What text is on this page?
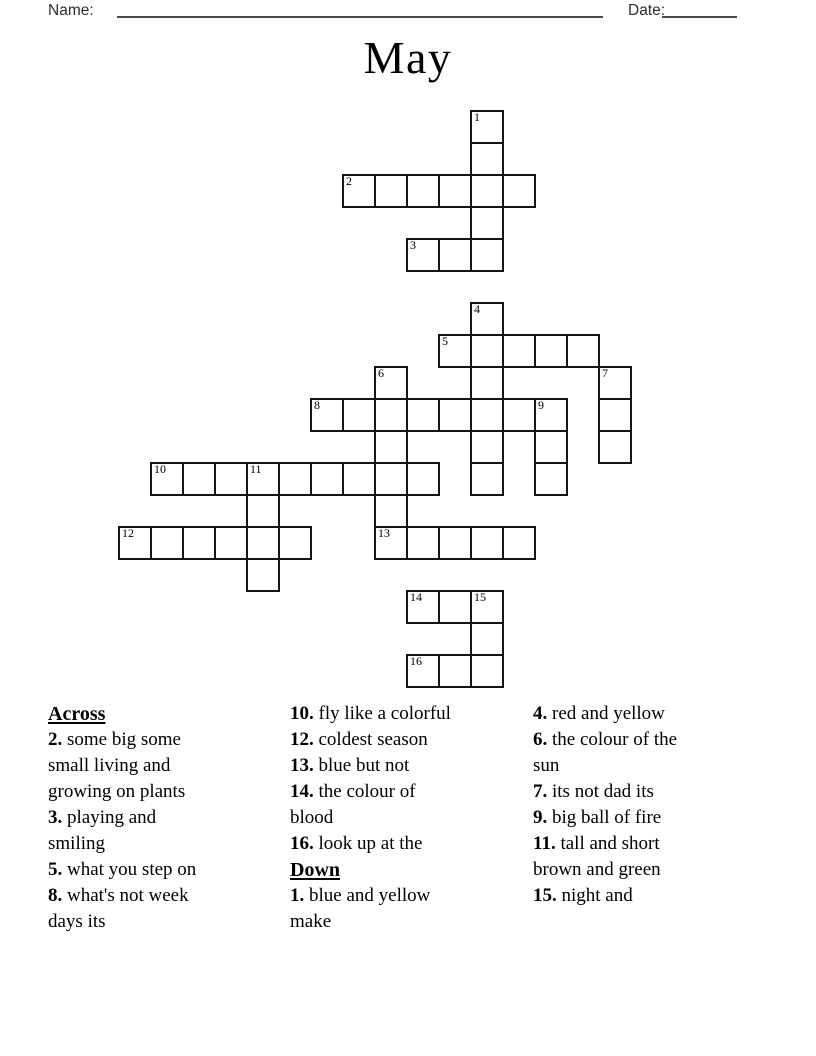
Name:	Date:
May
1
2
3
4
5
6	7
8	9
10	11
12	13
14	15
16
Across
2. some big some
small living and
growing on plants
3. playing and
smiling
5. what you step on
8. what's not week
days its
10. fly like a colorful
12. coldest season
13. blue but not
14. the colour of
blood
16. look up at the
Down
1. blue and yellow
make
4. red and yellow
6. the colour of the
sun
7. its not dad its
9. big ball of fire
11. tall and short
brown and green
15. night and
